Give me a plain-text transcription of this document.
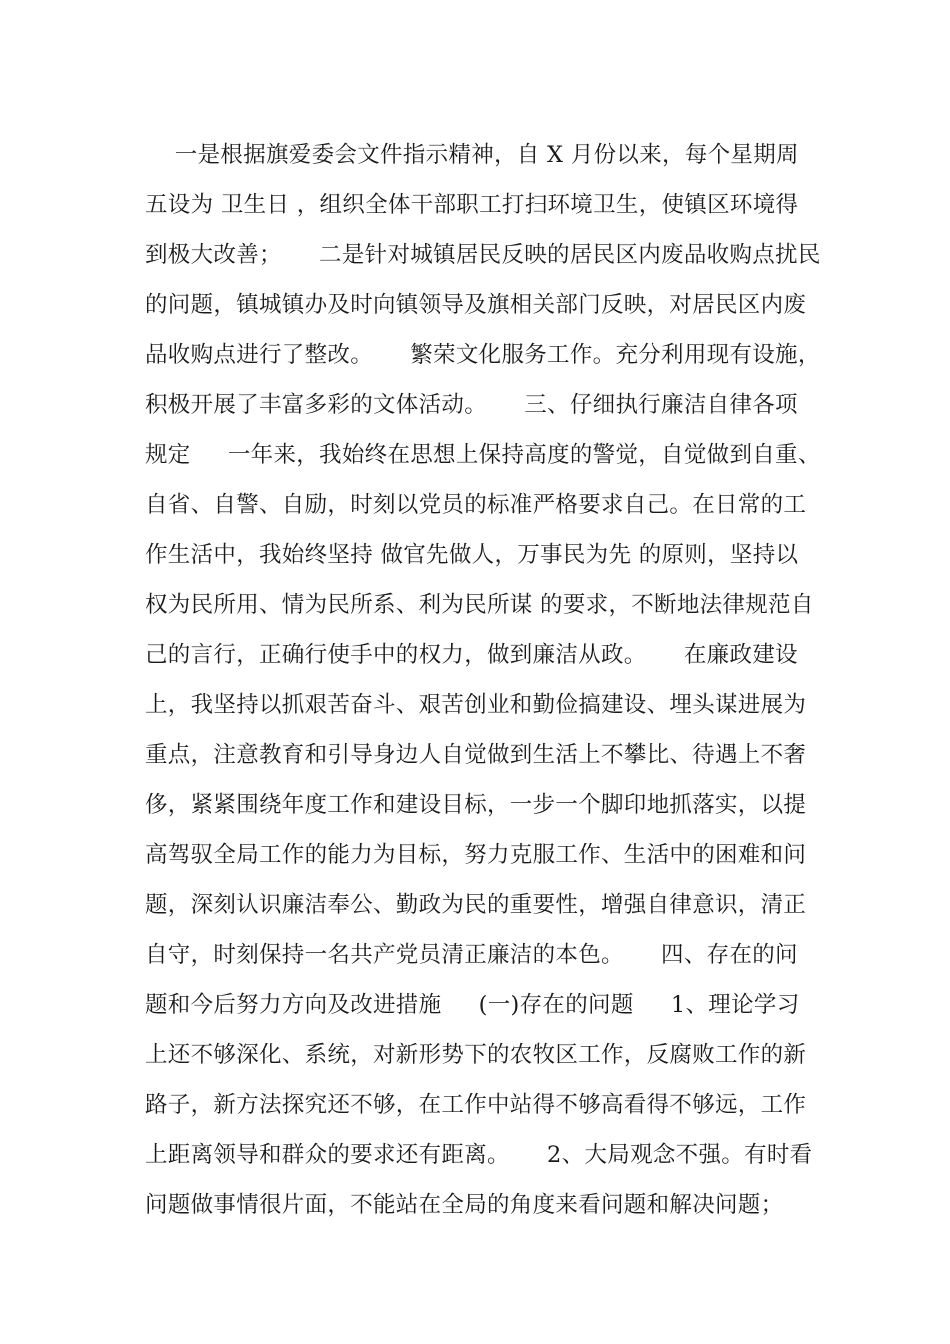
一是根据旗爱委会文件指示精神，自 X 月份以来，每个星期周
五设为 卫生日 ，组织全体干部职工打扫环境卫生，使镇区环境得
到极大改善；     二是针对城镇居民反映的居民区内废品收购点扰民
的问题，镇城镇办及时向镇领导及旗相关部门反映，对居民区内废
品收购点进行了整改。     繁荣文化服务工作。充分利用现有设施，
积极开展了丰富多彩的文体活动。     三、仔细执行廉洁自律各项
规定     一年来，我始终在思想上保持高度的警觉，自觉做到自重、
自省、自警、自励，时刻以党员的标准严格要求自己。在日常的工
作生活中，我始终坚持 做官先做人，万事民为先 的原则，坚持以
权为民所用、情为民所系、利为民所谋 的要求，不断地法律规范自
己的言行，正确行使手中的权力，做到廉洁从政。     在廉政建设
上，我坚持以抓艰苦奋斗、艰苦创业和勤俭搞建设、埋头谋进展为
重点，注意教育和引导身边人自觉做到生活上不攀比、待遇上不奢
侈，紧紧围绕年度工作和建设目标，一步一个脚印地抓落实，以提
高驾驭全局工作的能力为目标，努力克服工作、生活中的困难和问
题，深刻认识廉洁奉公、勤政为民的重要性，增强自律意识，清正
自守，时刻保持一名共产党员清正廉洁的本色。     四、存在的问
题和今后努力方向及改进措施     (一)存在的问题     1、理论学习
上还不够深化、系统，对新形势下的农牧区工作，反腐败工作的新
路子，新方法探究还不够，在工作中站得不够高看得不够远，工作
上距离领导和群众的要求还有距离。     2、大局观念不强。有时看
问题做事情很片面，不能站在全局的角度来看问题和解决问题；
